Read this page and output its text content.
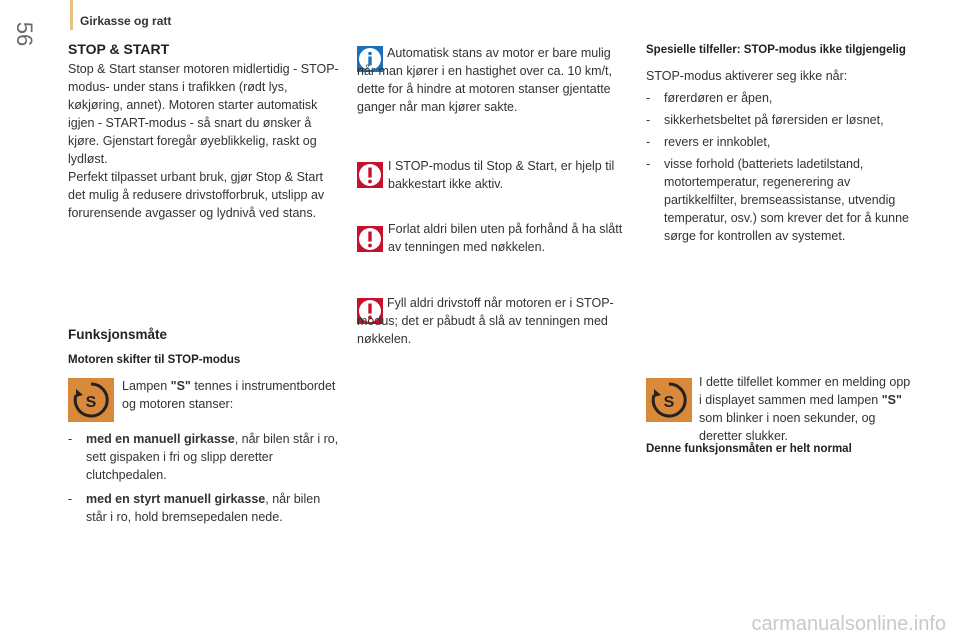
56
Girkasse og ratt
STOP & START

Stop & Start stanser motoren midlertidig - STOP-modus- under stans i trafikken (rødt lys, køkjøring, annet). Motoren starter automatisk igjen - START-modus - så snart du ønsker å kjøre. Gjenstart foregår øyeblikkelig, raskt og lydløst.

Perfekt tilpasset urbant bruk, gjør Stop & Start det mulig å redusere drivstofforbruk, utslipp av forurensende avgasser og lydnivå ved stans.

Funksjonsmåte
Motoren skifter til STOP-modus
S
Lampen "S" tennes i instrumentbordet og motoren stanser:
-	med en manuell girkasse, når bilen står i ro, sett gispaken i fri og slipp deretter clutchpedalen.
-	med en styrt manuell girkasse, når bilen står i ro, hold bremsepedalen nede.

Automatisk stans av motor er bare mulig når man kjører i en hastighet over ca. 10 km/t, dette for å hindre at motoren stanser gjentatte ganger når man kjører sakte.

I STOP-modus til Stop & Start, er hjelp til bakkestart ikke aktiv.
Forlat aldri bilen uten på forhånd å ha slått av tenningen med nøkkelen.

Fyll aldri drivstoff når motoren er i STOP-modus; det er påbudt å slå av tenningen med nøkkelen.

Spesielle tilfeller: STOP-modus ikke tilgjengelig

STOP-modus aktiverer seg ikke når:

-	førerdøren er åpen,
-	sikkerhetsbeltet på førersiden er løsnet,
-	revers er innkoblet,
-	visse forhold (batteriets ladetilstand, motortemperatur, regenerering av partikkelfilter, bremseassistanse, utvendig temperatur, osv.) som krever det for å kunne sørge for kontrollen av systemet.
S
I dette tilfellet kommer en melding opp i displayet sammen med lampen "S" som blinker i noen sekunder, og deretter slukker.
Denne funksjonsmåten er helt normal
carmanualsonline.info
